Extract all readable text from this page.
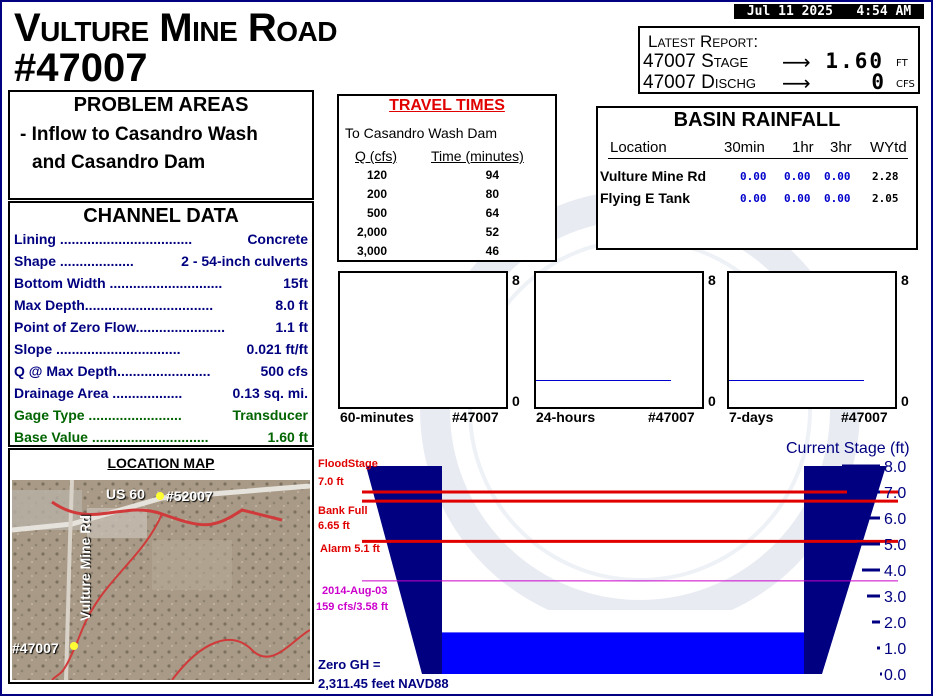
Vulture Mine Road
#47007
Jul 11 2025   4:54 AM
Latest Report:
47007 Stage ⟶ 1.60 FT
47007 Dischg ⟶	0 CFS
PROBLEM AREAS
- Inflow to Casandro Wash
and Casandro Dam
CHANNEL DATA
Lining ..................................	Concrete
Shape ...................	2 - 54-inch culverts
Bottom Width .............................	15ft
Max Depth.................................	8.0 ft
Point of Zero Flow.......................	1.1 ft
Slope ................................	0.021 ft/ft
Q @ Max Depth........................	500 cfs
Drainage Area ..................	0.13 sq. mi.
Gage Type ........................	Transducer
Base Value ..............................	1.60 ft
LOCATION MAP
US 60 #52007
#47007
Vulture Mine Rd
TRAVEL TIMES
To Casandro Wash Dam
Q (cfs) Time (minutes)
120	94
200	80
500	64
2,000	52
3,000	46
BASIN RAINFALL
Location	30min 1hr 3hr WYtd
Vulture Mine Rd	0.00 0.00 0.00 2.28
Flying E Tank	0.00 0.00 0.00 2.05
8
0
60-minutes	#47007
8
0
24-hours	#47007
8
0
7-days	#47007
Current Stage (ft)
8.0
7.0
6.0
5.0
4.0
3.0
2.0
1.0
0.0
FloodStage
7.0 ft
Bank Full
6.65 ft
Alarm 5.1 ft
2014-Aug-03
159 cfs/3.58 ft
Zero GH =
2,311.45 feet NAVD88
